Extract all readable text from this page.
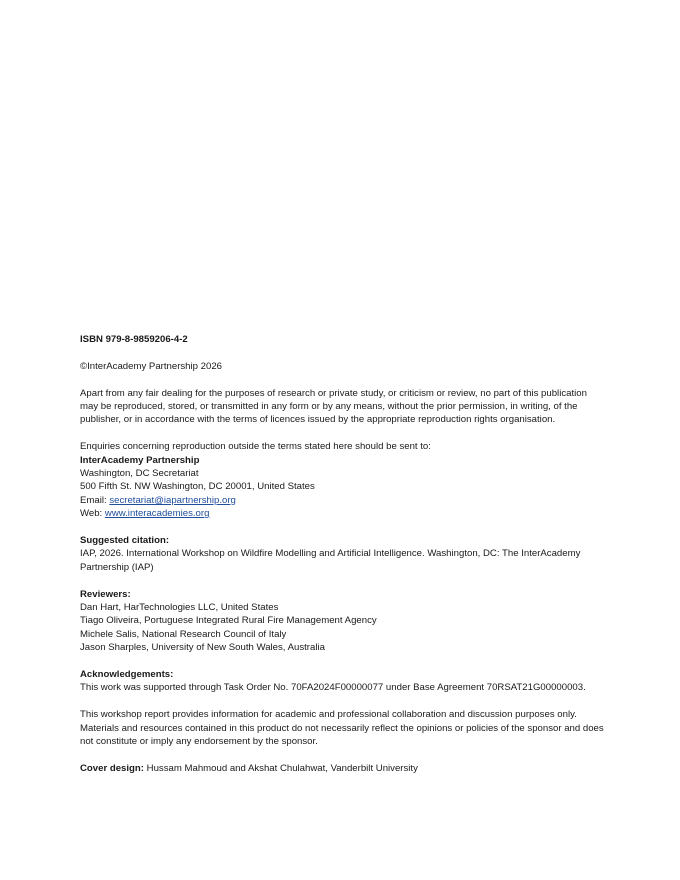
ISBN 979-8-9859206-4-2

©InterAcademy Partnership 2026

Apart from any fair dealing for the purposes of research or private study, or criticism or review, no part of this publication may be reproduced, stored, or transmitted in any form or by any means, without the prior permission, in writing, of the publisher, or in accordance with the terms of licences issued by the appropriate reproduction rights organisation.

Enquiries concerning reproduction outside the terms stated here should be sent to:

InterAcademy Partnership

Washington, DC Secretariat

500 Fifth St. NW Washington, DC 20001, United States

Email: secretariat@iapartnership.org

Web: www.interacademies.org

Suggested citation:

IAP, 2026. International Workshop on Wildfire Modelling and Artificial Intelligence. Washington, DC: The InterAcademy Partnership (IAP)

Reviewers:

Dan Hart, HarTechnologies LLC, United States

Tiago Oliveira, Portuguese Integrated Rural Fire Management Agency

Michele Salis, National Research Council of Italy

Jason Sharples, University of New South Wales, Australia

Acknowledgements:

This work was supported through Task Order No. 70FA2024F00000077 under Base Agreement 70RSAT21G00000003.

This workshop report provides information for academic and professional collaboration and discussion purposes only. Materials and resources contained in this product do not necessarily reflect the opinions or policies of the sponsor and does not constitute or imply any endorsement by the sponsor.

Cover design: Hussam Mahmoud and Akshat Chulahwat, Vanderbilt University
